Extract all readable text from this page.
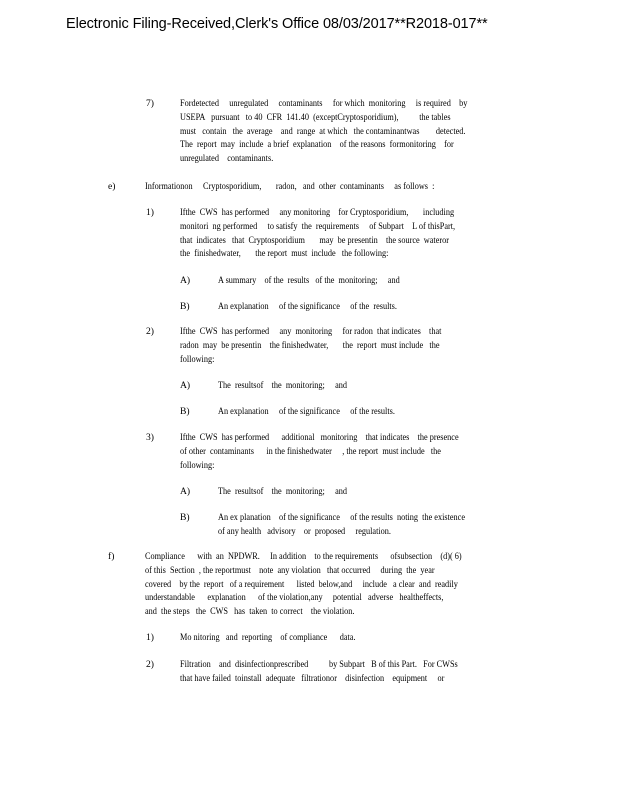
Electronic Filing-Received,Clerk's Office 08/03/2017**R2018-017**
7)	Fordetected     unregulated     contaminants     for which  monitoring     is required    by
USEPA   pursuant   to 40  CFR  141.40  (exceptCryptosporidium),          the tables
must   contain   the  average    and  range  at which   the contaminantwas        detected.
The  report  may  include  a brief  explanation    of the reasons  formonitoring    for
unregulated    contaminants.
e)	Informationon     Cryptosporidium,       radon,   and  other  contaminants     as follows  :
1)	Ifthe  CWS  has performed     any monitoring    for Cryptosporidium,       including
monitori  ng performed     to satisfy  the  requirements     of Subpart    L of thisPart,
that  indicates   that  Cryptosporidium       may  be presentin    the source  wateror
the  finishedwater,       the report  must  include   the following:
A)	A summary    of the  results   of the  monitoring;     and
B)	An explanation     of the significance     of the  results.
2)	Ifthe  CWS  has performed     any  monitoring     for radon  that indicates    that
radon  may  be presentin    the finishedwater,       the  report  must include   the
following:
A)	The  resultsof    the  monitoring;     and
B)	An explanation     of the significance     of the results.
3)	Ifthe  CWS  has performed      additional   monitoring    that indicates    the presence
of other  contaminants      in the finishedwater     , the report  must include   the
following:
A)	The  resultsof    the  monitoring;     and
B)	An ex planation    of the significance     of the results  noting  the existence
of any health   advisory    or  proposed     regulation.
f)	Compliance      with  an  NPDWR.     In addition    to the requirements      ofsubsection    (d)( 6)
of this  Section  , the reportmust    note  any violation   that occurred     during  the  year
covered    by the  report   of a requirement      listed  below,and     include   a clear  and  readily
understandable      explanation      of the violation,any     potential   adverse   healtheffects,
and  the steps   the  CWS   has  taken  to correct    the violation.
1)	Mo nitoring   and  reporting    of compliance      data.
2)	Filtration    and  disinfectionprescribed          by Subpart   B of this Part.   For CWSs
that have failed  toinstall  adequate   filtrationor    disinfection    equipment     or
